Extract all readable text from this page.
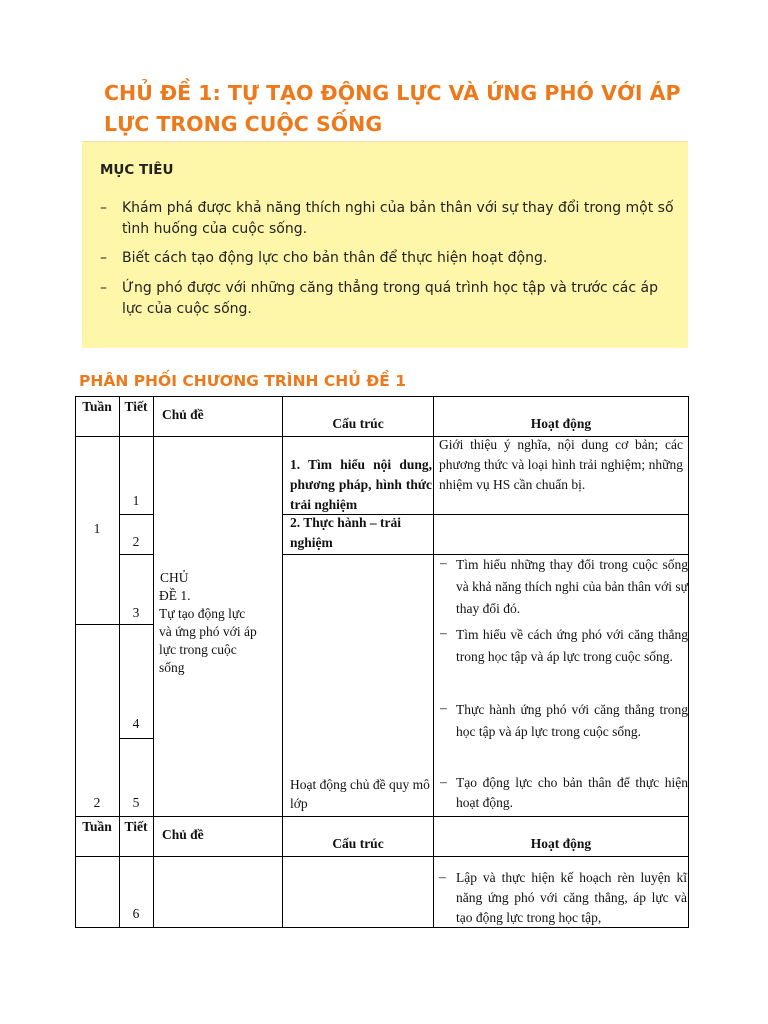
CHỦ ĐỀ 1: TỰ TẠO ĐỘNG LỰC VÀ ỨNG PHÓ VỚI ÁP
LỰC TRONG CUỘC SỐNG
MỤC TIÊU
– Khám phá được khả năng thích nghi của bản thân với sự thay đổi trong một số tình huống của cuộc sống.
– Biết cách tạo động lực cho bản thân để thực hiện hoạt động.
– Ứng phó được với những căng thẳng trong quá trình học tập và trước các áp lực của cuộc sống.
PHÂN PHỐI CHƯƠNG TRÌNH CHỦ ĐỀ 1
Tuần Tiết
Chủ đề
Cấu trúc	Hoạt động
1
2
1
2
3
4
5
CHỦ
ĐỀ 1.
Tự tạo động lực
và ứng phó với áp
lực trong cuộc
sống
1. Tìm hiểu nội dung, phương pháp, hình thức trải nghiệm
2. Thực hành – trải nghiệm
Hoạt động chủ đề quy mô lớp
Giới thiệu ý nghĩa, nội dung cơ bản; các phương thức và loại hình trải nghiệm; những nhiệm vụ HS cần chuẩn bị.
– Tìm hiểu những thay đổi trong cuộc sống và khả năng thích nghi của bản thân với sự thay đổi đó.
– Tìm hiểu về cách ứng phó với căng thẳng trong học tập và áp lực trong cuộc sống.
– Thực hành ứng phó với căng thẳng trong học tập và áp lực trong cuộc sống.
– Tạo động lực cho bản thân để thực hiện hoạt động.
Tuần Tiết
Chủ đề
Cấu trúc	Hoạt động
6
– Lập và thực hiện kế hoạch rèn luyện kĩ năng ứng phó với căng thẳng, áp lực và tạo động lực trong học tập,
